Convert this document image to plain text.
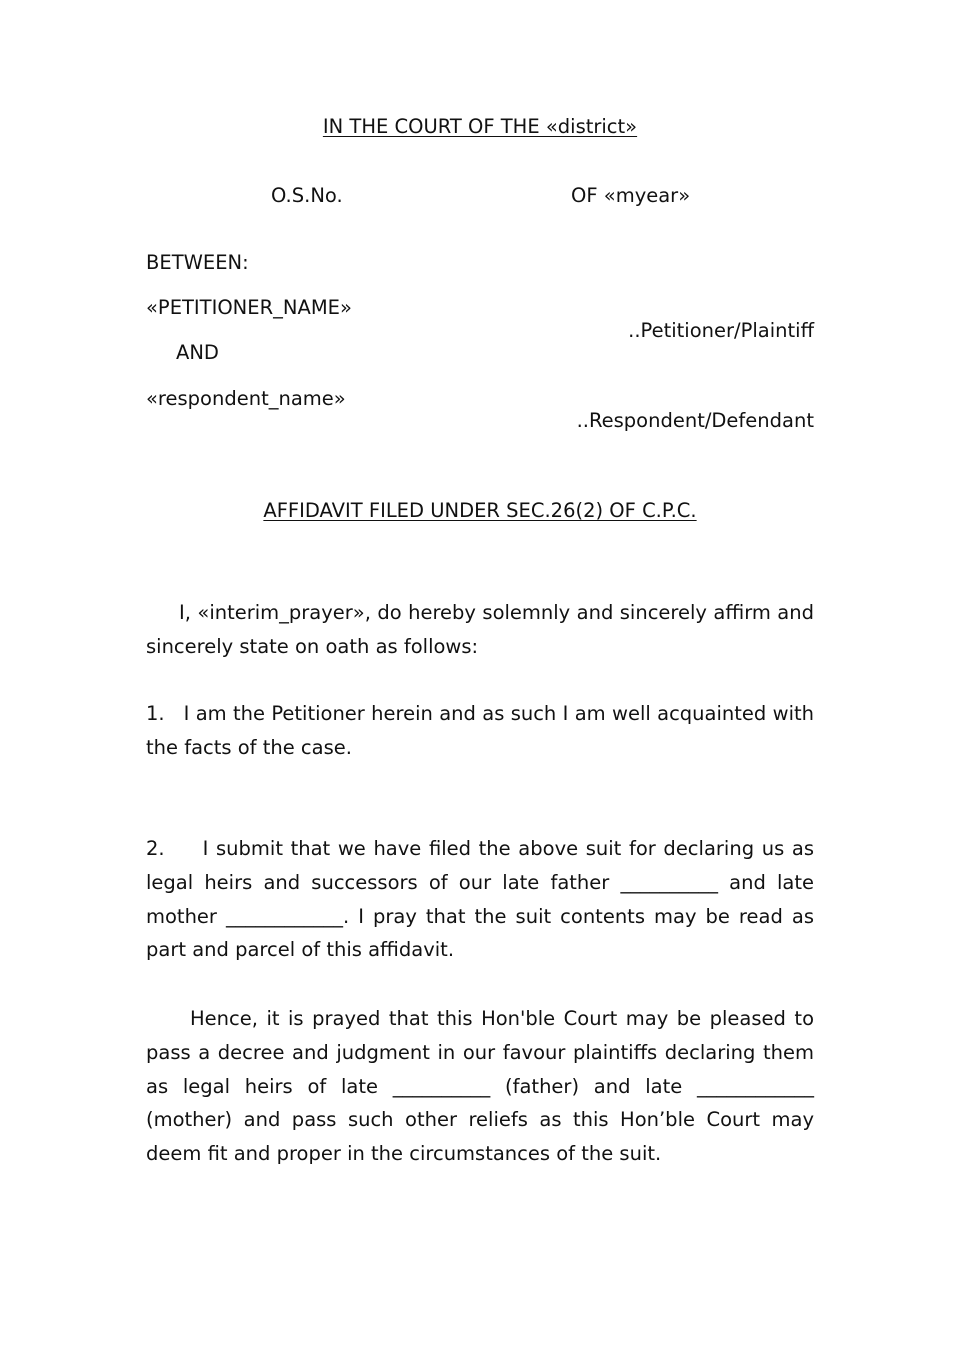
IN THE COURT OF THE «district»
O.S.No.	OF «myear»
BETWEEN:
«PETITIONER_NAME»
..Petitioner/Plaintiff
AND
«respondent_name»
..Respondent/Defendant
AFFIDAVIT FILED UNDER SEC.26(2) OF C.P.C.

I, «interim_prayer», do hereby solemnly and sincerely affirm and sincerely state on oath as follows:

1. I am the Petitioner herein and as such I am well acquainted with the facts of the case.

2. I submit that we have filed the above suit for declaring us as legal heirs and successors of our late father __________ and late mother ____________. I pray that the suit contents may be read as part and parcel of this affidavit.

Hence, it is prayed that this Hon'ble Court may be pleased to pass a decree and judgment in our favour plaintiffs declaring them as legal heirs of late __________ (father) and late ____________ (mother) and pass such other reliefs as this Hon’ble Court may deem fit and proper in the circumstances of the suit.
